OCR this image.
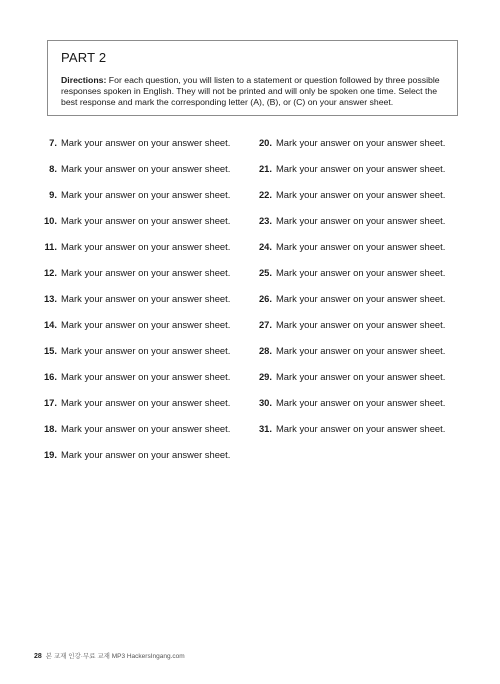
PART 2
Directions: For each question, you will listen to a statement or question followed by three possible responses spoken in English. They will not be printed and will only be spoken one time. Select the best response and mark the corresponding letter (A), (B), or (C) on your answer sheet.
7. Mark your answer on your answer sheet.
8. Mark your answer on your answer sheet.
9. Mark your answer on your answer sheet.
10. Mark your answer on your answer sheet.
11. Mark your answer on your answer sheet.
12. Mark your answer on your answer sheet.
13. Mark your answer on your answer sheet.
14. Mark your answer on your answer sheet.
15. Mark your answer on your answer sheet.
16. Mark your answer on your answer sheet.
17. Mark your answer on your answer sheet.
18. Mark your answer on your answer sheet.
19. Mark your answer on your answer sheet.
20. Mark your answer on your answer sheet.
21. Mark your answer on your answer sheet.
22. Mark your answer on your answer sheet.
23. Mark your answer on your answer sheet.
24. Mark your answer on your answer sheet.
25. Mark your answer on your answer sheet.
26. Mark your answer on your answer sheet.
27. Mark your answer on your answer sheet.
28. Mark your answer on your answer sheet.
29. Mark your answer on your answer sheet.
30. Mark your answer on your answer sheet.
31. Mark your answer on your answer sheet.
28 본 교재 인강·무료 교재 MP3 HackersIngang.com
